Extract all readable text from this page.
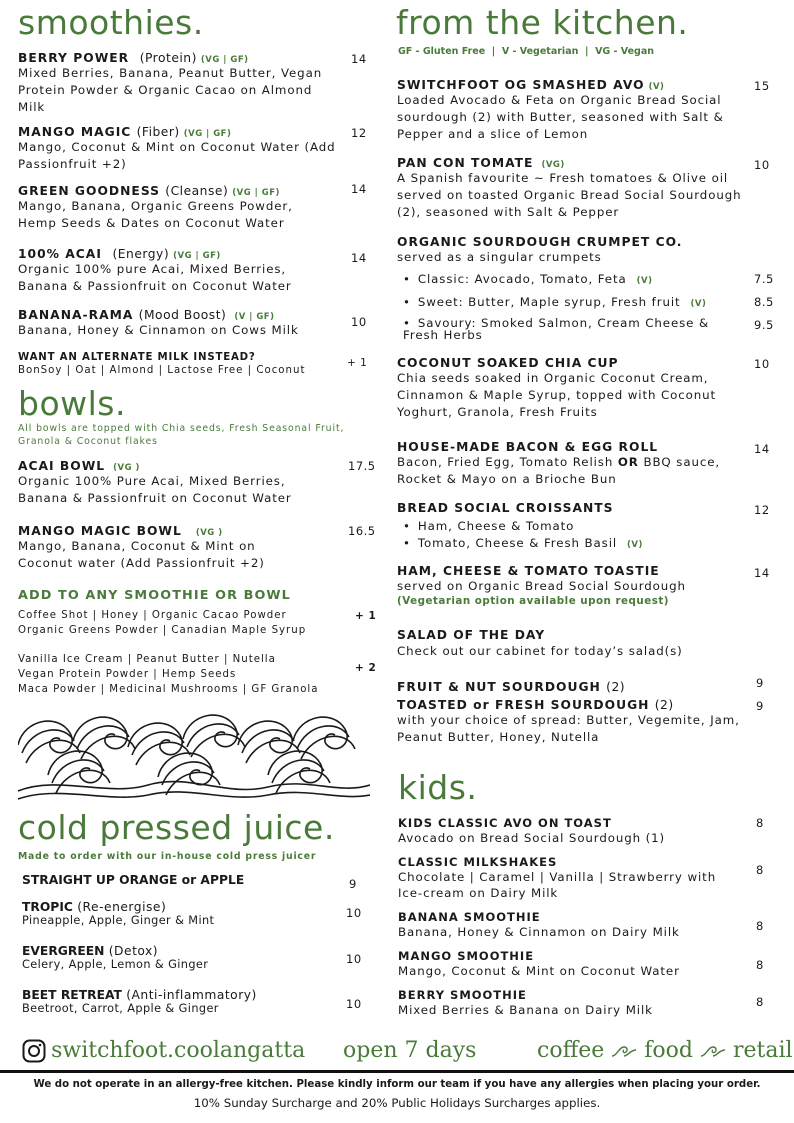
smoothies.
BERRY POWER (Protein) (VG | GF)
Mixed Berries, Banana, Peanut Butter, Vegan Protein Powder & Organic Cacao on Almond Milk
14
MANGO MAGIC (Fiber) (VG | GF)
Mango, Coconut & Mint on Coconut Water (Add Passionfruit +2)
12
GREEN GOODNESS (Cleanse) (VG | GF)
Mango, Banana, Organic Greens Powder, Hemp Seeds & Dates on Coconut Water
14
100% ACAI (Energy) (VG | GF)
Organic 100% pure Acai, Mixed Berries, Banana & Passionfruit on Coconut Water
14
BANANA-RAMA (Mood Boost) (V | GF)
Banana, Honey & Cinnamon on Cows Milk
10
WANT AN ALTERNATE MILK INSTEAD?
BonSoy | Oat | Almond | Lactose Free | Coconut
+ 1
bowls.
All bowls are topped with Chia seeds, Fresh Seasonal Fruit, Granola & Coconut flakes
ACAI BOWL (VG )
Organic 100% Pure Acai, Mixed Berries, Banana & Passionfruit on Coconut Water
17.5
MANGO MAGIC BOWL (VG )
Mango, Banana, Coconut & Mint on Coconut water (Add Passionfruit +2)
16.5
ADD TO ANY SMOOTHIE OR BOWL
Coffee Shot | Honey | Organic Cacao Powder
Organic Greens Powder | Canadian Maple Syrup
+ 1
Vanilla Ice Cream | Peanut Butter | Nutella
Vegan Protein Powder | Hemp Seeds
Maca Powder | Medicinal Mushrooms | GF Granola
+ 2
cold pressed juice.
Made to order with our in-house cold press juicer
STRAIGHT UP ORANGE or APPLE	9
TROPIC (Re-energise)
Pineapple, Apple, Ginger & Mint
10
EVERGREEN (Detox)
Celery, Apple, Lemon & Ginger	10
BEET RETREAT (Anti-inflammatory)
Beetroot, Carrot, Apple & Ginger	10
from the kitchen.
GF - Gluten Free  |  V - Vegetarian  |  VG - Vegan
SWITCHFOOT OG SMASHED AVO (V)
Loaded Avocado & Feta on Organic Bread Social sourdough (2) with Butter, seasoned with Salt & Pepper and a slice of Lemon
15
PAN CON TOMATE (VG)
A Spanish favourite ~ Fresh tomatoes & Olive oil served on toasted Organic Bread Social Sourdough (2), seasoned with Salt & Pepper
10
ORGANIC SOURDOUGH CRUMPET CO.
served as a singular crumpets
• Classic: Avocado, Tomato, Feta (V)	7.5
• Sweet: Butter, Maple syrup, Fresh fruit (V)	8.5
• Savoury: Smoked Salmon, Cream Cheese & Fresh Herbs
9.5
COCONUT SOAKED CHIA CUP
Chia seeds soaked in Organic Coconut Cream, Cinnamon & Maple Syrup, topped with Coconut Yoghurt, Granola, Fresh Fruits
10
HOUSE-MADE BACON & EGG ROLL
Bacon, Fried Egg, Tomato Relish OR BBQ sauce, Rocket & Mayo on a Brioche Bun
14
BREAD SOCIAL CROISSANTS	12
• Ham, Cheese & Tomato
• Tomato, Cheese & Fresh Basil (V)
HAM, CHEESE & TOMATO TOASTIE
served on Organic Bread Social Sourdough
(Vegetarian option available upon request)
14
SALAD OF THE DAY
Check out our cabinet for today’s salad(s)
FRUIT & NUT SOURDOUGH (2)	9
TOASTED or FRESH SOURDOUGH (2)
with your choice of spread: Butter, Vegemite, Jam, Peanut Butter, Honey, Nutella
9
kids.
KIDS CLASSIC AVO ON TOAST
Avocado on Bread Social Sourdough (1)
8
CLASSIC MILKSHAKES
Chocolate | Caramel | Vanilla | Strawberry with Ice-cream on Dairy Milk
8
BANANA SMOOTHIE
Banana, Honey & Cinnamon on Dairy Milk	8
MANGO SMOOTHIE
Mango, Coconut & Mint on Coconut Water	8
BERRY SMOOTHIE
Mixed Berries & Banana on Dairy Milk
8
switchfoot.coolangatta open 7 days	coffee food retail
We do not operate in an allergy-free kitchen. Please kindly inform our team if you have any allergies when placing your order.
10% Sunday Surcharge and 20% Public Holidays Surcharges applies.
